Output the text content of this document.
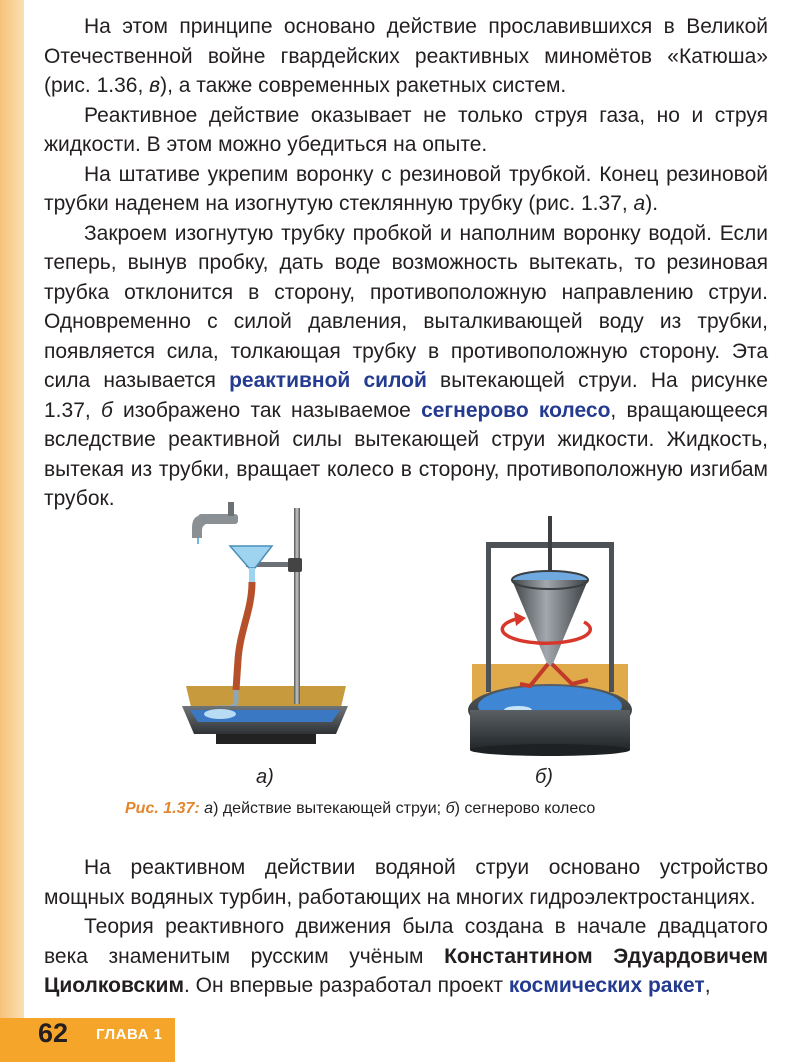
На этом принципе основано действие прославившихся в Великой Отечественной войне гвардейских реактивных миномётов «Катюша» (рис. 1.36, в), а также современных ракетных систем.

Реактивное действие оказывает не только струя газа, но и струя жидкости. В этом можно убедиться на опыте.

На штативе укрепим воронку с резиновой трубкой. Конец резиновой трубки наденем на изогнутую стеклянную трубку (рис. 1.37, а).

Закроем изогнутую трубку пробкой и наполним воронку водой. Если теперь, вынув пробку, дать воде возможность вытекать, то резиновая трубка отклонится в сторону, противоположную направлению струи. Одновременно с силой давления, выталкивающей воду из трубки, появляется сила, толкающая трубку в противоположную сторону. Эта сила называется реактивной силой вытекающей струи. На рисунке 1.37, б изображено так называемое сегнерово колесо, вращающееся вследствие реактивной силы вытекающей струи жидкости. Жидкость, вытекая из трубки, вращает колесо в сторону, противоположную изгибам трубок.

а)	б)
Рис. 1.37: а) действие вытекающей струи; б) сегнерово колесо

На реактивном действии водяной струи основано устройство мощных водяных турбин, работающих на многих гидроэлектростанциях.

Теория реактивного движения была создана в начале двадцатого века знаменитым русским учёным Константином Эдуардовичем Циолковским. Он впервые разработал проект космических ракет,

62 ГЛАВА 1
